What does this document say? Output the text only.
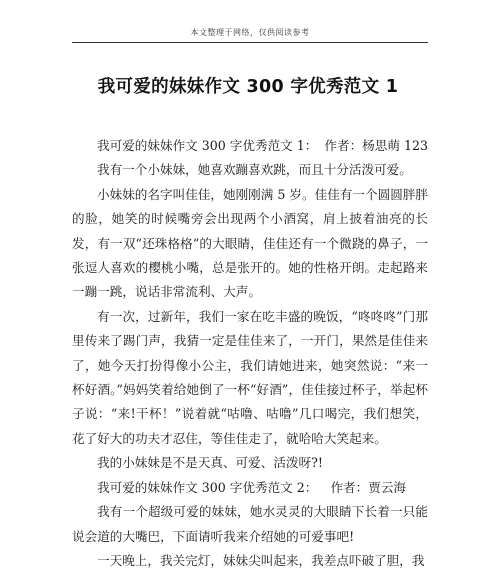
本文整理于网络，仅供阅读参考
我可爱的妹妹作文 300 字优秀范文 1
我可爱的妹妹作文 300 字优秀范文 1： 作者：杨思萌 123

我有一个小妹妹，她喜欢蹦喜欢跳，而且十分活泼可爱。

小妹妹的名字叫佳佳，她刚刚满 5 岁。佳佳有一个圆圆胖胖的脸，她笑的时候嘴旁会出现两个小酒窝，肩上披着油亮的长发，有一双“还珠格格”的大眼睛，佳佳还有一个微跷的鼻子，一张逗人喜欢的樱桃小嘴，总是张开的。她的性格开朗。走起路来一蹦一跳，说话非常流利、大声。

有一次，过新年，我们一家在吃丰盛的晚饭，“咚咚咚”门那里传来了踢门声，我猜一定是佳佳来了，一开门，果然是佳佳来了，她今天打扮得像小公主，我们请她进来，她突然说：“来一杯好酒。”妈妈笑着给她倒了一杯“好酒”，佳佳接过杯子，举起杯子说：“来!干杯！”说着就“咕噜、咕噜”几口喝完，我们想笑，花了好大的功夫才忍住，等佳佳走了，就哈哈大笑起来。

我的小妹妹是不是天真、可爱、活泼呀?!

我可爱的妹妹作文 300 字优秀范文 2： 作者：贾云海

我有一个超级可爱的妹妹，她水灵灵的大眼睛下长着一只能说会道的大嘴巴，下面请听我来介绍她的可爱事吧!

一天晚上，我关完灯，妹妹尖叫起来，我差点吓破了胆，我
